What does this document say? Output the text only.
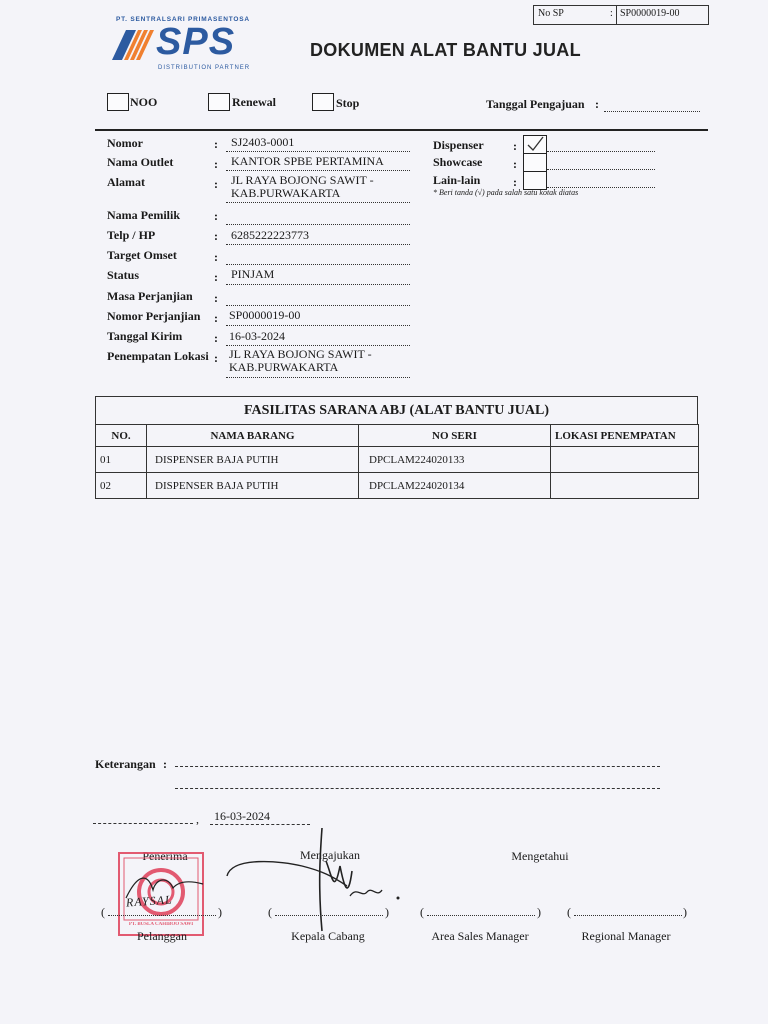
PT. SENTRALSARI PRIMASENTOSA
SPS
DISTRIBUTION PARTNER
DOKUMEN ALAT BANTU JUAL
No SP	: SP0000019-00
NOO	Renewal	Stop	Tanggal Pengajuan :
Nomor	: SJ2403-0001
Nama Outlet	: KANTOR SPBE PERTAMINA
Alamat	: JL RAYA BOJONG SAWIT - KAB.PURWAKARTA
Nama Pemilik	:
Telp / HP	: 6285222223773
Target Omset	:
Status	: PINJAM
Masa Perjanjian :
Nomor Perjanjian : SP0000019-00
Tanggal Kirim	: 16-03-2024
Penempatan Lokasi : JL RAYA BOJONG SAWIT - KAB.PURWAKARTA
Dispenser :
Showcase	:
Lain-lain	:
* Beri tanda (√) pada salah satu kotak diatas
FASILITAS SARANA ABJ (ALAT BANTU JUAL)
NO.	NAMA BARANG	NO SERI	LOKASI PENEMPATAN
01	DISPENSER BAJA PUTIH	DPCLAM224020133	
02	DISPENSER BAJA PUTIH	DPCLAM224020134	
Keterangan :
, 16-03-2024
Penerima	Mengajukan	Mengetahui
PT. BUSLA CAHIBOO SAWI
RAYSAL
(	)	(	)	(	) (	)
Pelanggan	Kepala Cabang	Area Sales Manager	Regional Manager
